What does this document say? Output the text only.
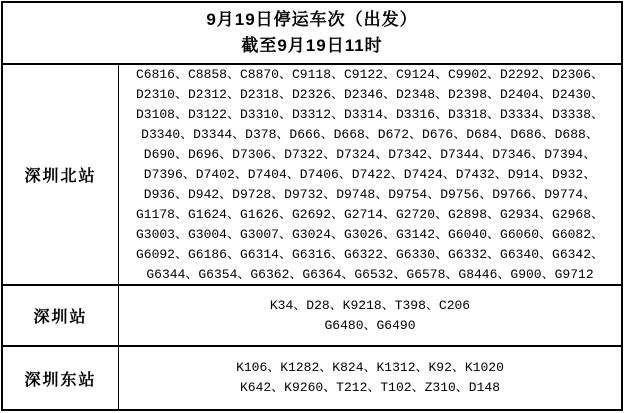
9月19日停运车次（出发）
截至9月19日11时
深圳北站
C6816、C8858、C8870、C9118、C9122、C9124、C9902、D2292、D2306、
D2310、D2312、D2318、D2326、D2346、D2348、D2398、D2404、D2430、
D3108、D3122、D3310、D3312、D3314、D3316、D3318、D3334、D3338、
D3340、D3344、D378、D666、D668、D672、D676、D684、D686、D688、
D690、D696、D7306、D7322、D7324、D7342、D7344、D7346、D7394、
D7396、D7402、D7404、D7406、D7422、D7424、D7432、D914、D932、
D936、D942、D9728、D9732、D9748、D9754、D9756、D9766、D9774、
G1178、G1624、G1626、G2692、G2714、G2720、G2898、G2934、G2968、
G3003、G3004、G3007、G3024、G3026、G3142、G6040、G6060、G6082、
G6092、G6186、G6314、G6316、G6322、G6330、G6332、G6340、G6342、
G6344、G6354、G6362、G6364、G6532、G6578、G8446、G900、G9712
深圳站
K34、D28、K9218、T398、C206
G6480、G6490
深圳东站
K106、K1282、K824、K1312、K92、K1020
K642、K9260、T212、T102、Z310、D148
